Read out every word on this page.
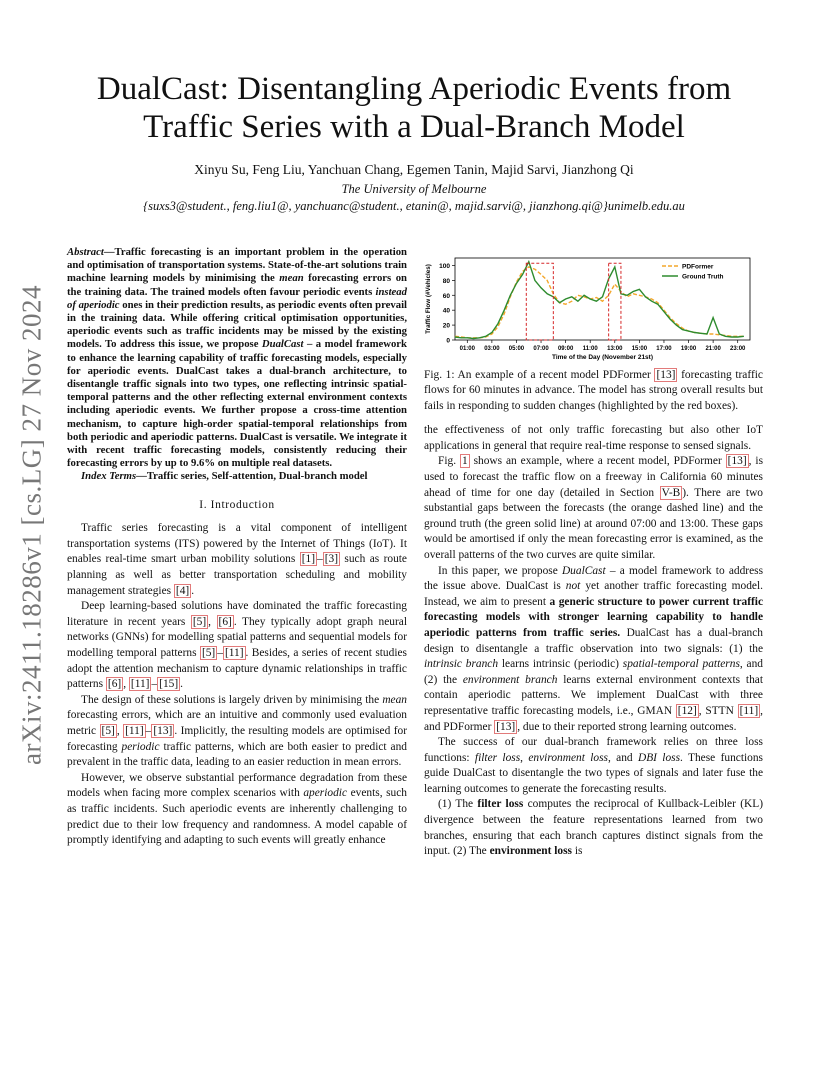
arXiv:2411.18286v1 [cs.LG] 27 Nov 2024
DualCast: Disentangling Aperiodic Events from
Traffic Series with a Dual-Branch Model
Xinyu Su, Feng Liu, Yanchuan Chang, Egemen Tanin, Majid Sarvi, Jianzhong Qi
The University of Melbourne
{suxs3@student., feng.liu1@, yanchuanc@student., etanin@, majid.sarvi@, jianzhong.qi@}unimelb.edu.au

Abstract—Traffic forecasting is an important problem in the operation and optimisation of transportation systems. State-of-the-art solutions train machine learning models by minimising the mean forecasting errors on the training data. The trained models often favour periodic events instead of aperiodic ones in their prediction results, as periodic events often prevail in the training data. While offering critical optimisation opportunities, aperiodic events such as traffic incidents may be missed by the existing models. To address this issue, we propose DualCast – a model framework to enhance the learning capability of traffic forecasting models, especially for aperiodic events. DualCast takes a dual-branch architecture, to disentangle traffic signals into two types, one reflecting intrinsic spatial-temporal patterns and the other reflecting external environment contexts including aperiodic events. We further propose a cross-time attention mechanism, to capture high-order spatial-temporal relationships from both periodic and aperiodic patterns. DualCast is versatile. We integrate it with recent traffic forecasting models, consistently reducing their forecasting errors by up to 9.6% on multiple real datasets.

Index Terms—Traffic series, Self-attention, Dual-branch model

I. Introduction

Traffic series forecasting is a vital component of intelligent transportation systems (ITS) powered by the Internet of Things (IoT). It enables real-time smart urban mobility solutions [1] – [3] such as route planning as well as better transportation scheduling and mobility management strategies [4] .

Deep learning-based solutions have dominated the traffic forecasting literature in recent years [5] , [6] . They typically adopt graph neural networks (GNNs) for modelling spatial patterns and sequential models for modelling temporal patterns [5] – [11] . Besides, a series of recent studies adopt the attention mechanism to capture dynamic relationships in traffic patterns [6] , [11] – [15] .

The design of these solutions is largely driven by minimising the mean forecasting errors, which are an intuitive and commonly used evaluation metric [5] , [11] – [13] . Implicitly, the resulting models are optimised for forecasting periodic traffic patterns, which are both easier to predict and prevalent in the traffic data, leading to an easier reduction in mean errors.

However, we observe substantial performance degradation from these models when facing more complex scenarios with aperiodic events, such as traffic incidents. Such aperiodic events are inherently challenging to predict due to their low frequency and randomness. A model capable of promptly identifying and adapting to such events will greatly enhance

0
20
40
60
80
100
01:00 03:00 05:00 07:00 09:00 11:00 13:00 15:00 17:00 19:00 21:00 23:00
Time of the Day (November 21st)
Traffic Flow (#Vehicles)	PDFormer
Ground Truth

Fig. 1: An example of a recent model PDFormer [13] forecasting traffic flows for 60 minutes in advance. The model has strong overall results but fails in responding to sudden changes (highlighted by the red boxes).

the effectiveness of not only traffic forecasting but also other IoT applications in general that require real-time response to sensed signals.

Fig. 1 shows an example, where a recent model, PDFormer [13] , is used to forecast the traffic flow on a freeway in California 60 minutes ahead of time for one day (detailed in Section V-B ). There are two substantial gaps between the forecasts (the orange dashed line) and the ground truth (the green solid line) at around 07:00 and 13:00. These gaps would be amortised if only the mean forecasting error is examined, as the overall patterns of the two curves are quite similar.

In this paper, we propose DualCast – a model framework to address the issue above. DualCast is not yet another traffic forecasting model. Instead, we aim to present a generic structure to power current traffic forecasting models with stronger learning capability to handle aperiodic patterns from traffic series. DualCast has a dual-branch design to disentangle a traffic observation into two signals: (1) the intrinsic branch learns intrinsic (periodic) spatial-temporal patterns, and (2) the environment branch learns external environment contexts that contain aperiodic patterns. We implement DualCast with three representative traffic forecasting models, i.e., GMAN [12] , STTN [11] , and PDFormer [13] , due to their reported strong learning outcomes.

The success of our dual-branch framework relies on three loss functions: filter loss, environment loss, and DBI loss. These functions guide DualCast to disentangle the two types of signals and later fuse the learning outcomes to generate the forecasting results.

(1) The filter loss computes the reciprocal of Kullback-Leibler (KL) divergence between the feature representations learned from two branches, ensuring that each branch captures distinct signals from the input. (2) The environment loss is
